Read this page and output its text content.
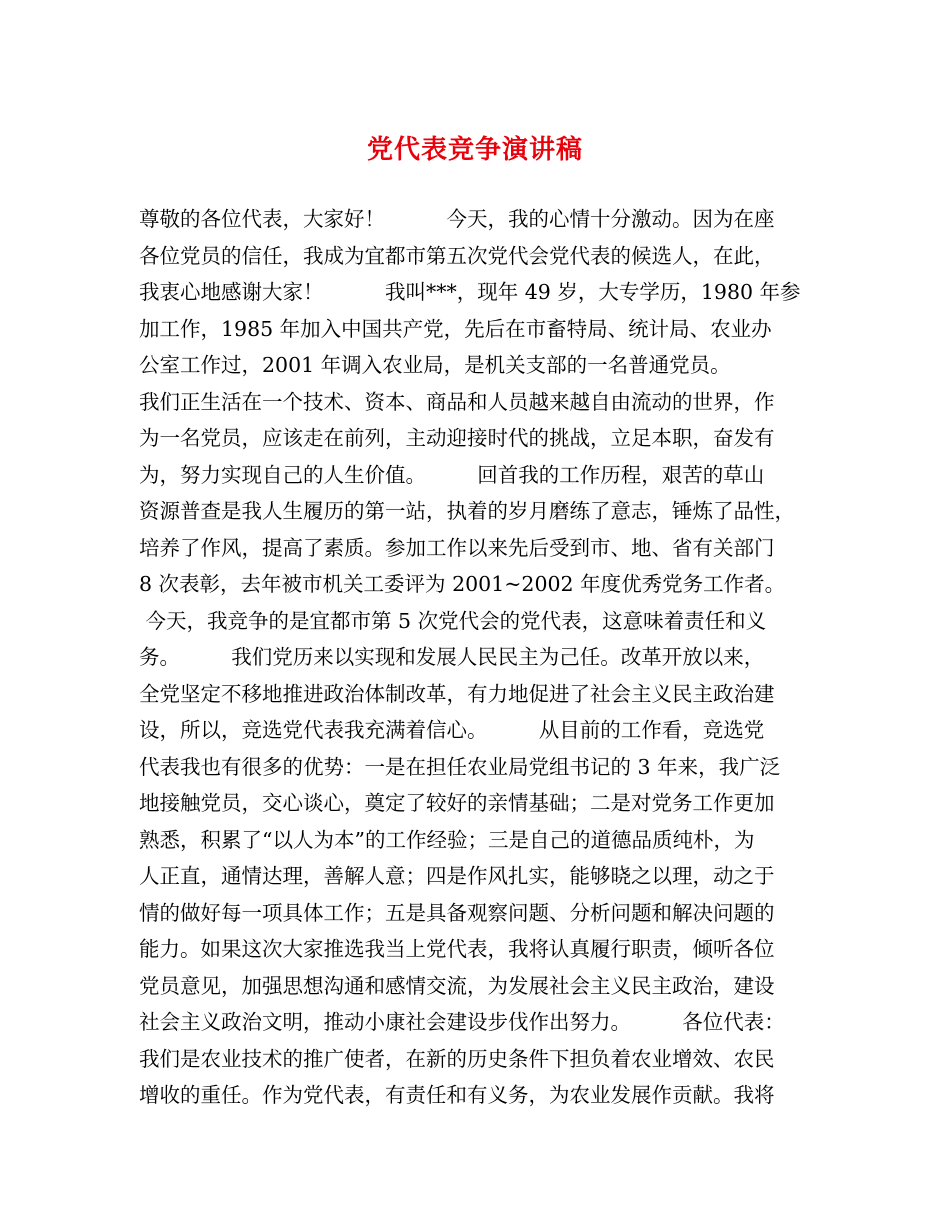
党代表竞争演讲稿
尊敬的各位代表，大家好！　　　今天，我的心情十分激动。因为在座
各位党员的信任，我成为宜都市第五次党代会党代表的候选人，在此，
我衷心地感谢大家！　　　我叫***，现年 49 岁，大专学历，1980 年参
加工作，1985 年加入中国共产党，先后在市畜特局、统计局、农业办
公室工作过，2001 年调入农业局，是机关支部的一名普通党员。
我们正生活在一个技术、资本、商品和人员越来越自由流动的世界，作
为一名党员，应该走在前列，主动迎接时代的挑战，立足本职，奋发有
为，努力实现自己的人生价值。　　　回首我的工作历程，艰苦的草山
资源普查是我人生履历的第一站，执着的岁月磨练了意志，锤炼了品性，
培养了作风，提高了素质。参加工作以来先后受到市、地、省有关部门
8 次表彰，去年被市机关工委评为 2001~2002 年度优秀党务工作者。
今天，我竞争的是宜都市第 5 次党代会的党代表，这意味着责任和义
务。　　　我们党历来以实现和发展人民民主为己任。改革开放以来，
全党坚定不移地推进政治体制改革，有力地促进了社会主义民主政治建
设，所以，竞选党代表我充满着信心。　　　从目前的工作看，竞选党
代表我也有很多的优势：一是在担任农业局党组书记的 3 年来，我广泛
地接触党员，交心谈心，奠定了较好的亲情基础；二是对党务工作更加
熟悉，积累了“以人为本”的工作经验；三是自己的道德品质纯朴，为
人正直，通情达理，善解人意；四是作风扎实，能够晓之以理，动之于
情的做好每一项具体工作；五是具备观察问题、分析问题和解决问题的
能力。如果这次大家推选我当上党代表，我将认真履行职责，倾听各位
党员意见，加强思想沟通和感情交流，为发展社会主义民主政治，建设
社会主义政治文明，推动小康社会建设步伐作出努力。　　　各位代表：
我们是农业技术的推广使者，在新的历史条件下担负着农业增效、农民
增收的重任。作为党代表，有责任和有义务，为农业发展作贡献。我将
